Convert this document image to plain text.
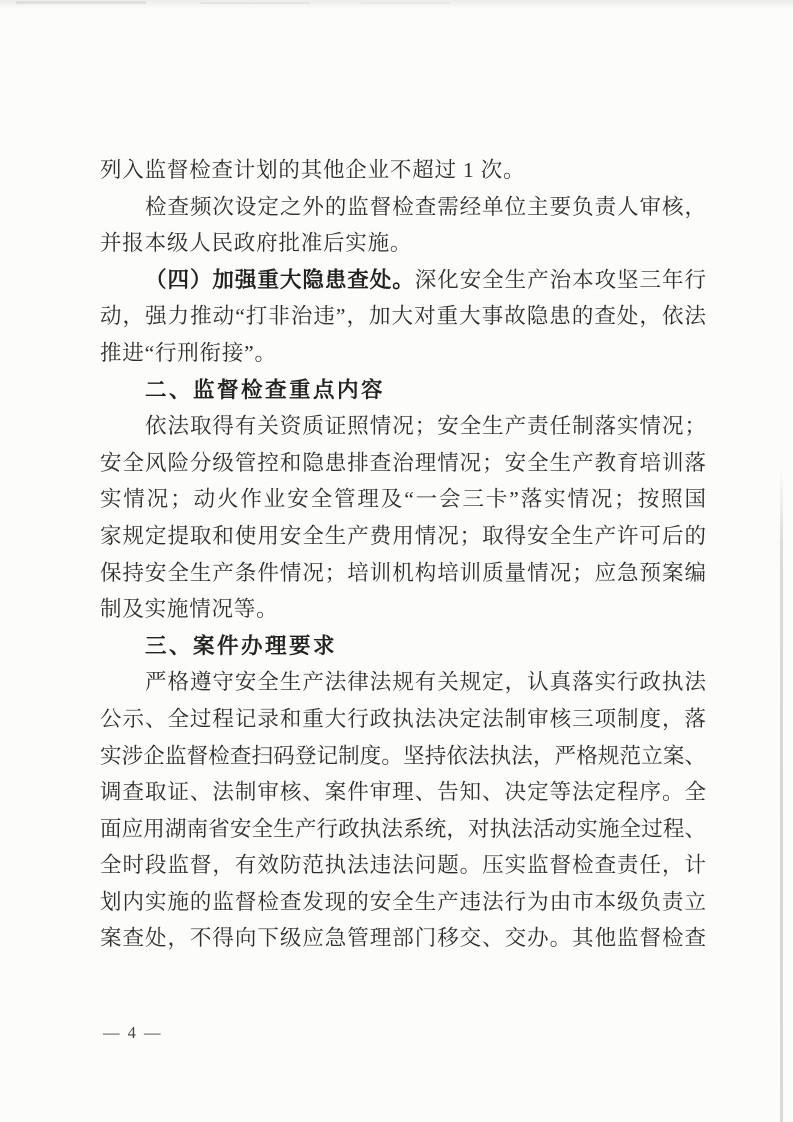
列入监督检查计划的其他企业不超过 1 次。
检查频次设定之外的监督检查需经单位主要负责人审核，
并报本级人民政府批准后实施。
（四）加强重大隐患查处。深化安全生产治本攻坚三年行
动，强力推动“打非治违”，加大对重大事故隐患的查处，依法
推进“行刑衔接”。
二、监督检查重点内容
依法取得有关资质证照情况；安全生产责任制落实情况；
安全风险分级管控和隐患排查治理情况；安全生产教育培训落
实情况；动火作业安全管理及“一会三卡”落实情况；按照国
家规定提取和使用安全生产费用情况；取得安全生产许可后的
保持安全生产条件情况；培训机构培训质量情况；应急预案编
制及实施情况等。
三、案件办理要求
严格遵守安全生产法律法规有关规定，认真落实行政执法
公示、全过程记录和重大行政执法决定法制审核三项制度，落
实涉企监督检查扫码登记制度。坚持依法执法，严格规范立案、
调查取证、法制审核、案件审理、告知、决定等法定程序。全
面应用湖南省安全生产行政执法系统，对执法活动实施全过程、
全时段监督，有效防范执法违法问题。压实监督检查责任，计
划内实施的监督检查发现的安全生产违法行为由市本级负责立
案查处，不得向下级应急管理部门移交、交办。其他监督检查
— 4 —
